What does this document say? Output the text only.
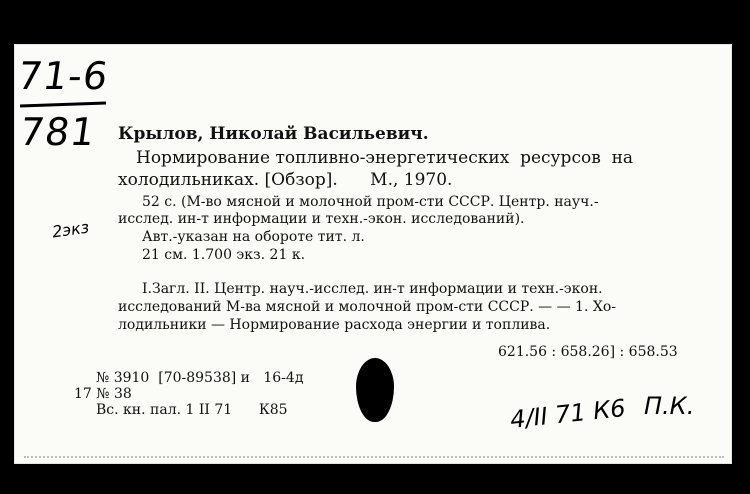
71-6
781
2экз
Крылов, Николай Васильевич.
Нормирование топливно-энергетических  ресурсов  на
холодильниках. [Обзор].      М., 1970.
52 с. (М-во мясной и молочной пром-сти СССР. Центр. науч.-
исслед. ин-т информации и техн.-экон. исследований).
Авт.-указан на обороте тит. л.
21 см. 1.700 экз. 21 к.
I.Загл. II. Центр. науч.-исслед. ин-т информации и техн.-экон.
исследований М-ва мясной и молочной пром-сти СССР. — — 1. Хо-
лодильники — Нормирование расхода энергии и топлива.
621.56 : 658.26] : 658.53
№ 3910  [70-89538] и   16-4д
17 № 38
Вс. кн. пал. 1 II 71      К85	4/II 71 К6 П.К.
